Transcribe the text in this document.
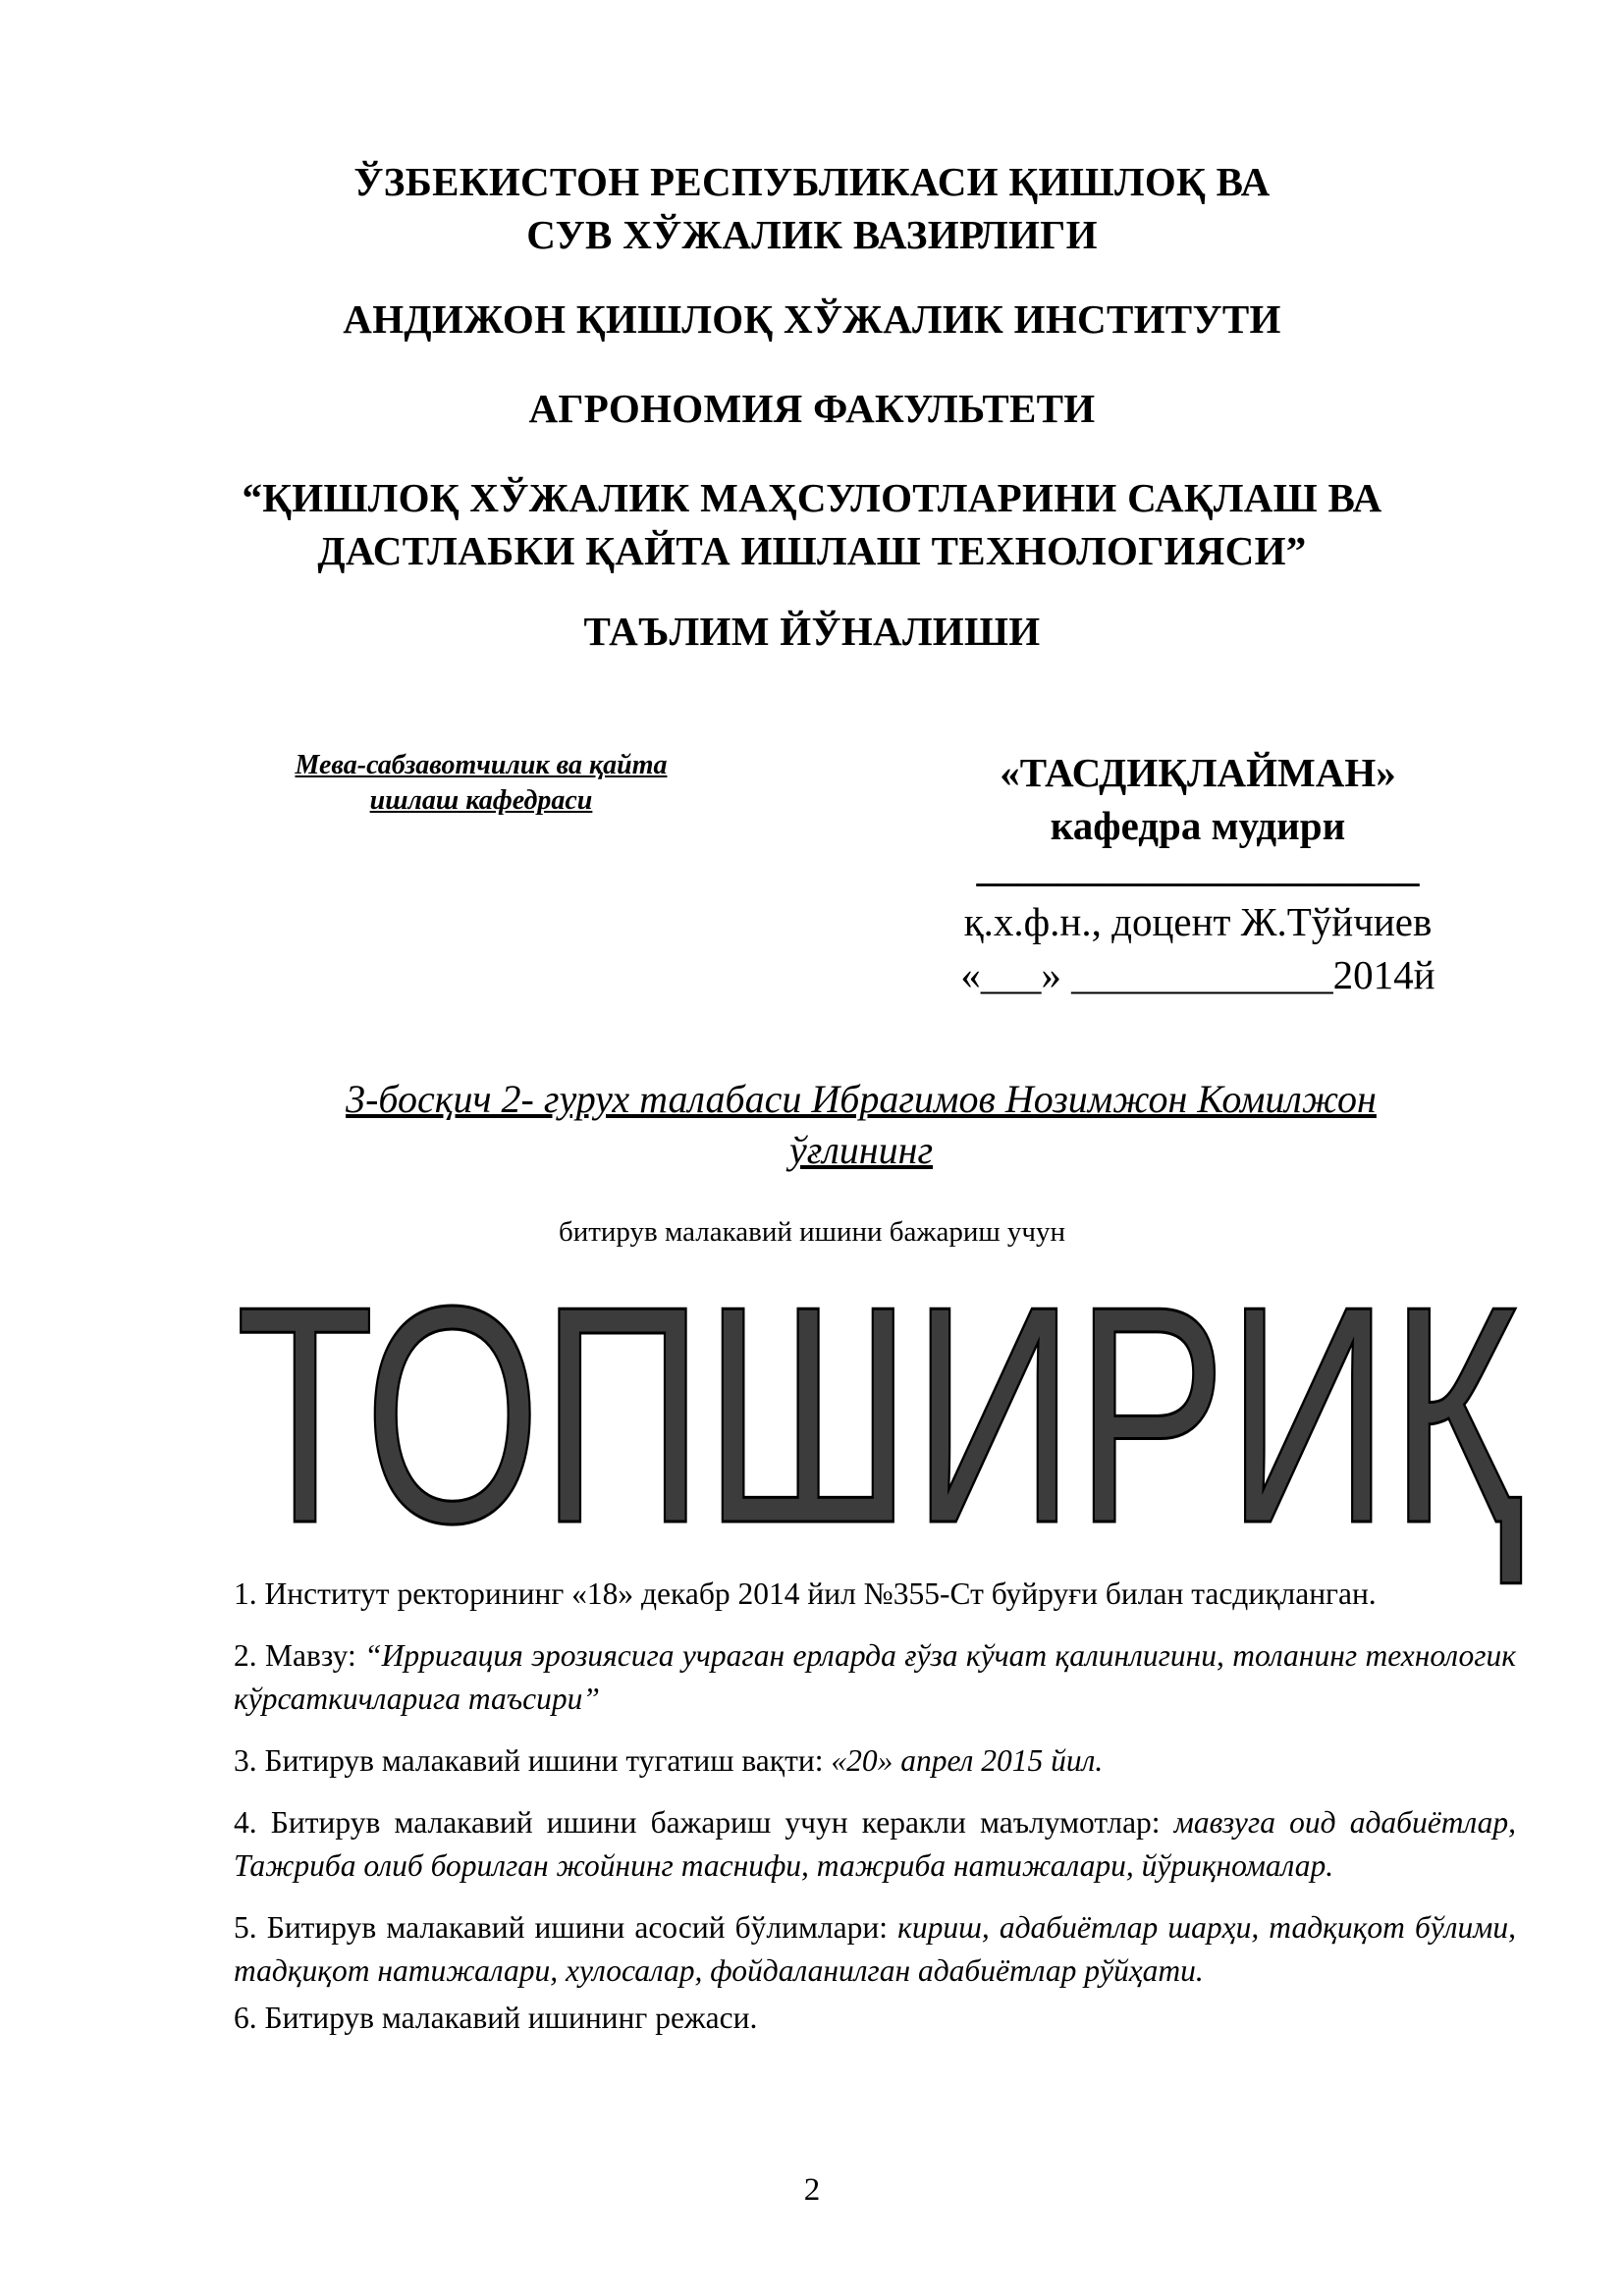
ЎЗБЕКИСТОН РЕСПУБЛИКАСИ ҚИШЛОҚ ВА
СУВ ХЎЖАЛИК ВАЗИРЛИГИ
АНДИЖОН ҚИШЛОҚ ХЎЖАЛИК ИНСТИТУТИ
АГРОНОМИЯ ФАКУЛЬТЕТИ
“ҚИШЛОҚ ХЎЖАЛИК МАҲСУЛОТЛАРИНИ САҚЛАШ ВА
ДАСТЛАБКИ ҚАЙТА ИШЛАШ ТЕХНОЛОГИЯСИ”
ТАЪЛИМ ЙЎНАЛИШИ
Мева-сабзавотчилик ва қайта
ишлаш кафедраси
«ТАСДИҚЛАЙМАН»
кафедра мудири
______________________
қ.х.ф.н., доцент Ж.Тўйчиев
«___» _____________2014й
3-босқич 2- гурух талабаси Ибрагимов Нозимжон Комилжон
ўғлининг
битирув малакавий ишини бажариш учун
ТОПШИРИҚ

1. Институт ректорининг «18» декабр 2014 йил №355-Ст буйруғи билан тасдиқланган.

2. Мавзу: “Ирригация эрозиясига учраган ерларда ғўза кўчат қалинлигини, толанинг технологик кўрсаткичларига таъсири”

3. Битирув малакавий ишини тугатиш вақти: «20» апрел 2015 йил.

4. Битирув малакавий ишини бажариш учун керакли маълумотлар: мавзуга оид адабиётлар, Тажриба олиб борилган жойнинг таснифи, тажриба натижалари, йўриқномалар.

5. Битирув малакавий ишини асосий бўлимлари: кириш, адабиётлар шарҳи, тадқиқот бўлими, тадқиқот натижалари, хулосалар, фойдаланилган адабиётлар рўйҳати.

6. Битирув малакавий ишининг режаси.

2
